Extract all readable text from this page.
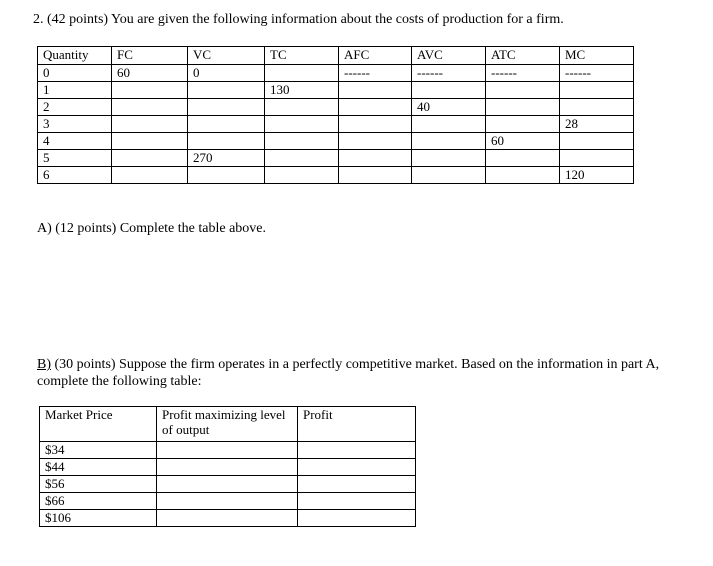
2. (42 points) You are given the following information about the costs of production for a firm.
Quantity	FC	VC	TC	AFC	AVC	ATC	MC
0	60	0		------	------	------	------
1			130				
2					40		
3							28
4						60	
5		270					
6							120
A) (12 points) Complete the table above.
B) (30 points) Suppose the firm operates in a perfectly competitive market. Based on the information in part A, complete the following table:
Market Price	Profit maximizing level of output	Profit
$34		
$44		
$56		
$66		
$106		
